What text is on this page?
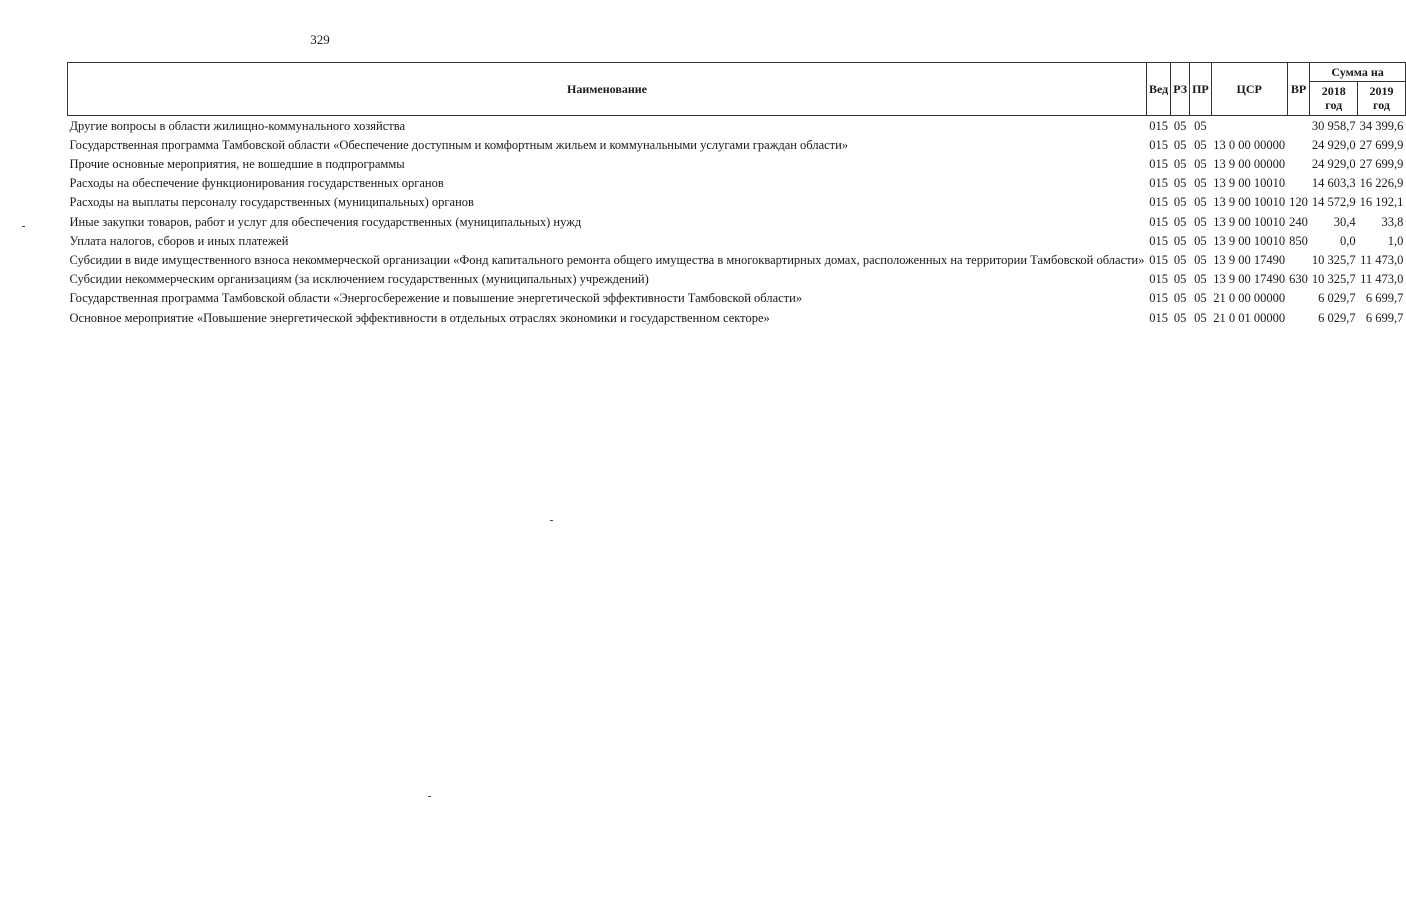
329
Наименование	Вед	РЗ	ПР	ЦСР	ВР	Сумма на	
						2018 год	2019 год
Другие вопросы в области жилищно-коммунального хозяйства	015	05	05			30 958,7	34 399,6
Государственная программа Тамбовской области «Обеспечение доступным и комфортным жильем и коммунальными услугами граждан области»	015	05	05	13 0 00 00000		24 929,0	27 699,9
Прочие основные мероприятия, не вошедшие в подпрограммы	015	05	05	13 9 00 00000		24 929,0	27 699,9
Расходы на обеспечение функционирования государственных органов	015	05	05	13 9 00 10010		14 603,3	16 226,9
Расходы на выплаты персоналу государственных (муниципальных) органов	015	05	05	13 9 00 10010	120	14 572,9	16 192,1
Иные закупки товаров, работ и услуг для обеспечения государственных (муниципальных) нужд	015	05	05	13 9 00 10010	240	30,4	33,8
Уплата налогов, сборов и иных платежей	015	05	05	13 9 00 10010	850	0,0	1,0
Субсидии в виде имущественного взноса некоммерческой организации «Фонд капитального ремонта общего имущества в многоквартирных домах, расположенных на территории Тамбовской области»	015	05	05	13 9 00 17490		10 325,7	11 473,0
Субсидии некоммерческим организациям (за исключением государственных (муниципальных) учреждений)	015	05	05	13 9 00 17490	630	10 325,7	11 473,0
Государственная программа Тамбовской области «Энергосбережение и повышение энергетической эффективности Тамбовской области»	015	05	05	21 0 00 00000		6 029,7	6 699,7
Основное мероприятие «Повышение энергетической эффективности в отдельных отраслях экономики и государственном секторе»	015	05	05	21 0 01 00000		6 029,7	6 699,7
